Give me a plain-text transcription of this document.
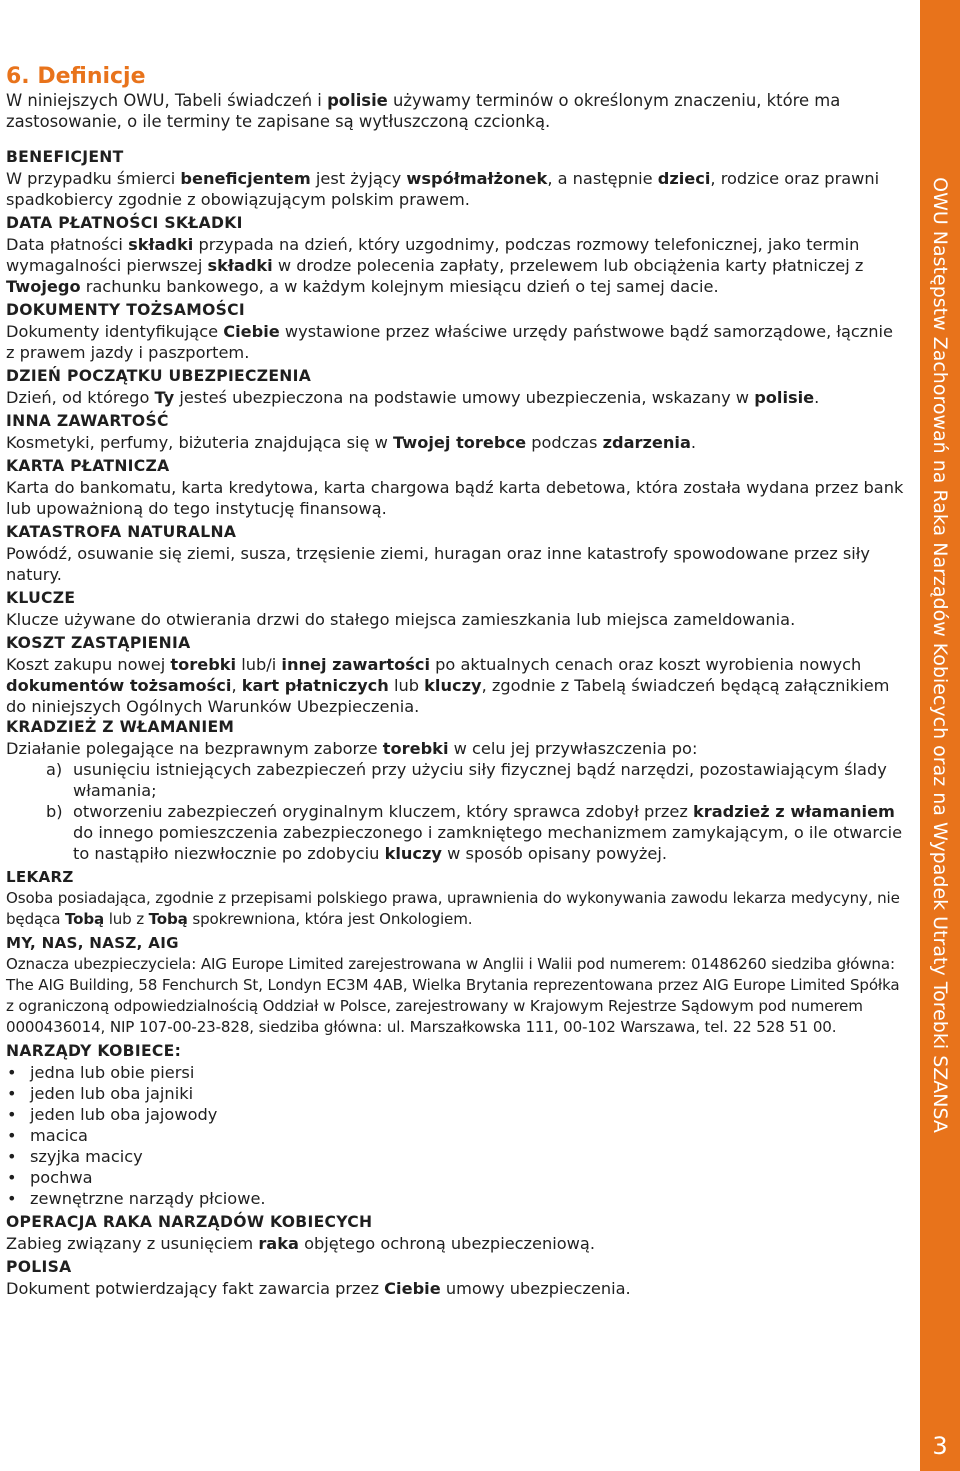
6. Definicje

W niniejszych OWU, Tabeli świadczeń i polisie używamy terminów o określonym znaczeniu, które ma zastosowanie, o ile terminy te zapisane są wytłuszczoną czcionką.

BENEFICJENT

W przypadku śmierci beneficjentem jest żyjący współmałżonek, a następnie dzieci, rodzice oraz prawni spadkobiercy zgodnie z obowiązującym polskim prawem.

DATA PŁATNOŚCI SKŁADKI

Data płatności składki przypada na dzień, który uzgodnimy, podczas rozmowy telefonicznej, jako termin wymagalności pierwszej składki w drodze polecenia zapłaty, przelewem lub obciążenia karty płatniczej z Twojego rachunku bankowego, a w każdym kolejnym miesiącu dzień o tej samej dacie.

DOKUMENTY TOŻSAMOŚCI

Dokumenty identyfikujące Ciebie wystawione przez właściwe urzędy państwowe bądź samorządowe, łącznie z prawem jazdy i paszportem.

DZIEŃ POCZĄTKU UBEZPIECZENIA

Dzień, od którego Ty jesteś ubezpieczona na podstawie umowy ubezpieczenia, wskazany w polisie.

INNA ZAWARTOŚĆ

Kosmetyki, perfumy, biżuteria znajdująca się w Twojej torebce podczas zdarzenia.

KARTA PŁATNICZA

Karta do bankomatu, karta kredytowa, karta chargowa bądź karta debetowa, która została wydana przez bank lub upoważnioną do tego instytucję finansową.

KATASTROFA NATURALNA

Powódź, osuwanie się ziemi, susza, trzęsienie ziemi, huragan oraz inne katastrofy spowodowane przez siły natury.

KLUCZE

Klucze używane do otwierania drzwi do stałego miejsca zamieszkania lub miejsca zameldowania.

KOSZT ZASTĄPIENIA

Koszt zakupu nowej torebki lub/i innej zawartości po aktualnych cenach oraz koszt wyrobienia nowych dokumentów tożsamości, kart płatniczych lub kluczy, zgodnie z Tabelą świadczeń będącą załącznikiem do niniejszych Ogólnych Warunków Ubezpieczenia.

KRADZIEŻ Z WŁAMANIEM

Działanie polegające na bezprawnym zaborze torebki w celu jej przywłaszczenia po:

a) usunięciu istniejących zabezpieczeń przy użyciu siły fizycznej bądź narzędzi, pozostawiającym ślady włamania;
b) otworzeniu zabezpieczeń oryginalnym kluczem, który sprawca zdobył przez kradzież z włamaniem do innego pomieszczenia zabezpieczonego i zamkniętego mechanizmem zamykającym, o ile otwarcie to nastąpiło niezwłocznie po zdobyciu kluczy w sposób opisany powyżej.
LEKARZ

Osoba posiadająca, zgodnie z przepisami polskiego prawa, uprawnienia do wykonywania zawodu lekarza medycyny, nie będąca Tobą lub z Tobą spokrewniona, która jest Onkologiem.

MY, NAS, NASZ, AIG

Oznacza ubezpieczyciela: AIG Europe Limited zarejestrowana w Anglii i Walii pod numerem: 01486260 siedziba główna: The AIG Building, 58 Fenchurch St, Londyn EC3M 4AB, Wielka Brytania reprezentowana przez AIG Europe Limited Spółka z ograniczoną odpowiedzialnością Oddział w Polsce, zarejestrowany w Krajowym Rejestrze Sądowym pod numerem 0000436014, NIP 107-00-23-828, siedziba główna: ul. Marszałkowska 111, 00-102 Warszawa, tel. 22 528 51 00.

NARZĄDY KOBIECE:
• jedna lub obie piersi
• jeden lub oba jajniki
• jeden lub oba jajowody
• macica
• szyjka macicy
• pochwa
• zewnętrzne narządy płciowe.
OPERACJA RAKA NARZĄDÓW KOBIECYCH

Zabieg związany z usunięciem raka objętego ochroną ubezpieczeniową.

POLISA

Dokument potwierdzający fakt zawarcia przez Ciebie umowy ubezpieczenia.

OWU Następstw Zachorowań na Raka Narządów Kobiecych oraz na Wypadek Utraty Torebki SZANSA
3
